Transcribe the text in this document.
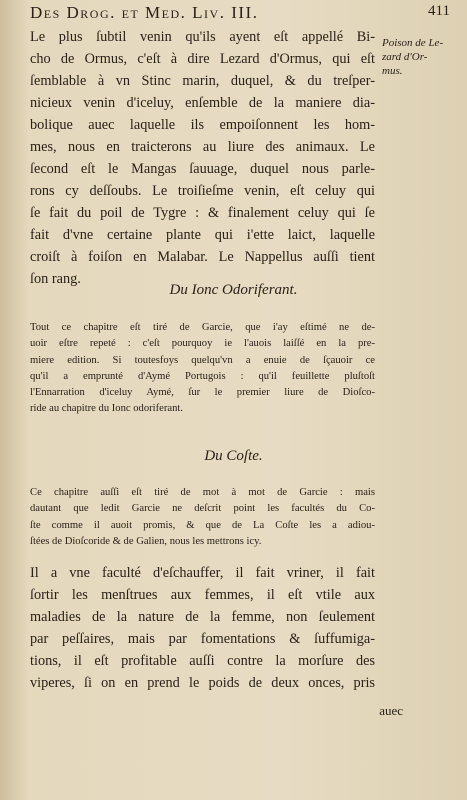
Des Drog. et Med. Liv. III.	411
Poison de Le-
zard d'Or-
mus.
Le plus ſubtil venin qu'ils ayent eſt appellé Bi-
cho de Ormus, c'eſt à dire Lezard d'Ormus, qui eſt
ſemblable à vn Stinc marin, duquel, & du treſper-
nicieux venin d'iceluy, enſemble de la maniere dia-
bolique auec laquelle ils empoiſonnent les hom-
mes, nous en traicterons au liure des animaux. Le
ſecond eſt le Mangas ſauuage, duquel nous parle-
rons cy deſſoubs. Le troiſieſme venin, eſt celuy qui
ſe fait du poil de Tygre : & finalement celuy qui ſe
fait d'vne certaine plante qui i'ette laict, laquelle
croiſt à foiſon en Malabar. Le Nappellus auſſi tient
ſon rang.
Du Ionc Odoriferant.
Tout ce chapitre eſt tiré de Garcie, que i'ay eſtimé ne de-
uoir eſtre repeté : c'eſt pourquoy ie l'auois laiſſé en la pre-
miere edition. Si toutesfoys quelqu'vn a enuie de ſçauoir ce
qu'il a emprunté d'Aymé Portugois : qu'il feuillette pluſtoſt
l'Ennarration d'iceluy Aymé, ſur le premier liure de Dioſco-
ride au chapitre du Ionc odoriferant.
Du Coſte.
Ce chapitre auſſi eſt tiré de mot à mot de Garcie : mais
dautant que ledit Garcie ne deſcrit point les facultés du Co-
ſte comme il auoit promis, & que de La Coſte les a adiou-
ſtées de Dioſcoride & de Galien, nous les mettrons icy.
Il a vne faculté d'eſchauffer, il fait vriner, il fait
ſortir les menſtrues aux femmes, il eſt vtile aux
maladies de la nature de la femme, non ſeulement
par peſſaires, mais par fomentations & ſuffumiga-
tions, il eſt profitable auſſi contre la morſure des
viperes, ſi on en prend le poids de deux onces, pris
auec
